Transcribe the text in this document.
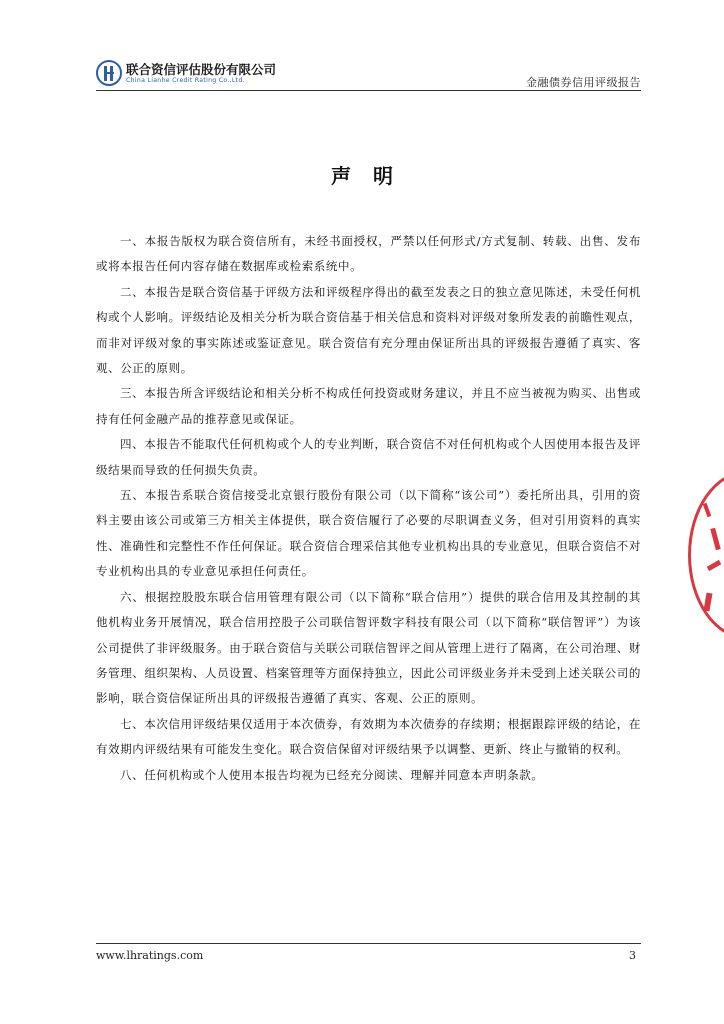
联合资信评估股份有限公司
China Lianhe Credit Rating Co.,Ltd.	金融债券信用评级报告
声明

一、本报告版权为联合资信所有，未经书面授权，严禁以任何形式/方式复制、转载、出售、发布或将本报告任何内容存储在数据库或检索系统中。

二、本报告是联合资信基于评级方法和评级程序得出的截至发表之日的独立意见陈述，未受任何机构或个人影响。评级结论及相关分析为联合资信基于相关信息和资料对评级对象所发表的前瞻性观点，而非对评级对象的事实陈述或鉴证意见。联合资信有充分理由保证所出具的评级报告遵循了真实、客观、公正的原则。

三、本报告所含评级结论和相关分析不构成任何投资或财务建议，并且不应当被视为购买、出售或持有任何金融产品的推荐意见或保证。

四、本报告不能取代任何机构或个人的专业判断，联合资信不对任何机构或个人因使用本报告及评级结果而导致的任何损失负责。

五、本报告系联合资信接受北京银行股份有限公司（以下简称“该公司”）委托所出具，引用的资料主要由该公司或第三方相关主体提供，联合资信履行了必要的尽职调查义务，但对引用资料的真实性、准确性和完整性不作任何保证。联合资信合理采信其他专业机构出具的专业意见，但联合资信不对专业机构出具的专业意见承担任何责任。

六、根据控股股东联合信用管理有限公司（以下简称“联合信用”）提供的联合信用及其控制的其他机构业务开展情况，联合信用控股子公司联信智评数字科技有限公司（以下简称“联信智评”）为该公司提供了非评级服务。由于联合资信与关联公司联信智评之间从管理上进行了隔离，在公司治理、财务管理、组织架构、人员设置、档案管理等方面保持独立，因此公司评级业务并未受到上述关联公司的影响，联合资信保证所出具的评级报告遵循了真实、客观、公正的原则。

七、本次信用评级结果仅适用于本次债券，有效期为本次债券的存续期；根据跟踪评级的结论，在有效期内评级结果有可能发生变化。联合资信保留对评级结果予以调整、更新、终止与撤销的权利。

八、任何机构或个人使用本报告均视为已经充分阅读、理解并同意本声明条款。

www.lhratings.com	3
